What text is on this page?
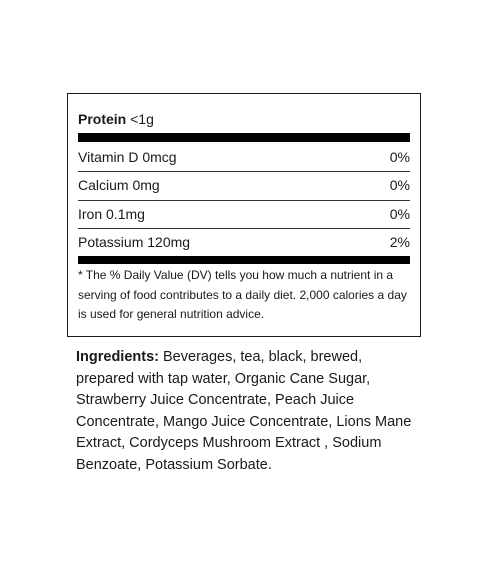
Protein <1g
Vitamin D 0mcg	0%
Calcium 0mg	0%
Iron 0.1mg	0%
Potassium 120mg	2%
* The % Daily Value (DV) tells you how much a nutrient in a serving of food contributes to a daily diet. 2,000 calories a day is used for general nutrition advice.
Ingredients: Beverages, tea, black, brewed, prepared with tap water, Organic Cane Sugar, Strawberry Juice Concentrate, Peach Juice Concentrate, Mango Juice Concentrate, Lions Mane Extract, Cordyceps Mushroom Extract , Sodium Benzoate, Potassium Sorbate.
